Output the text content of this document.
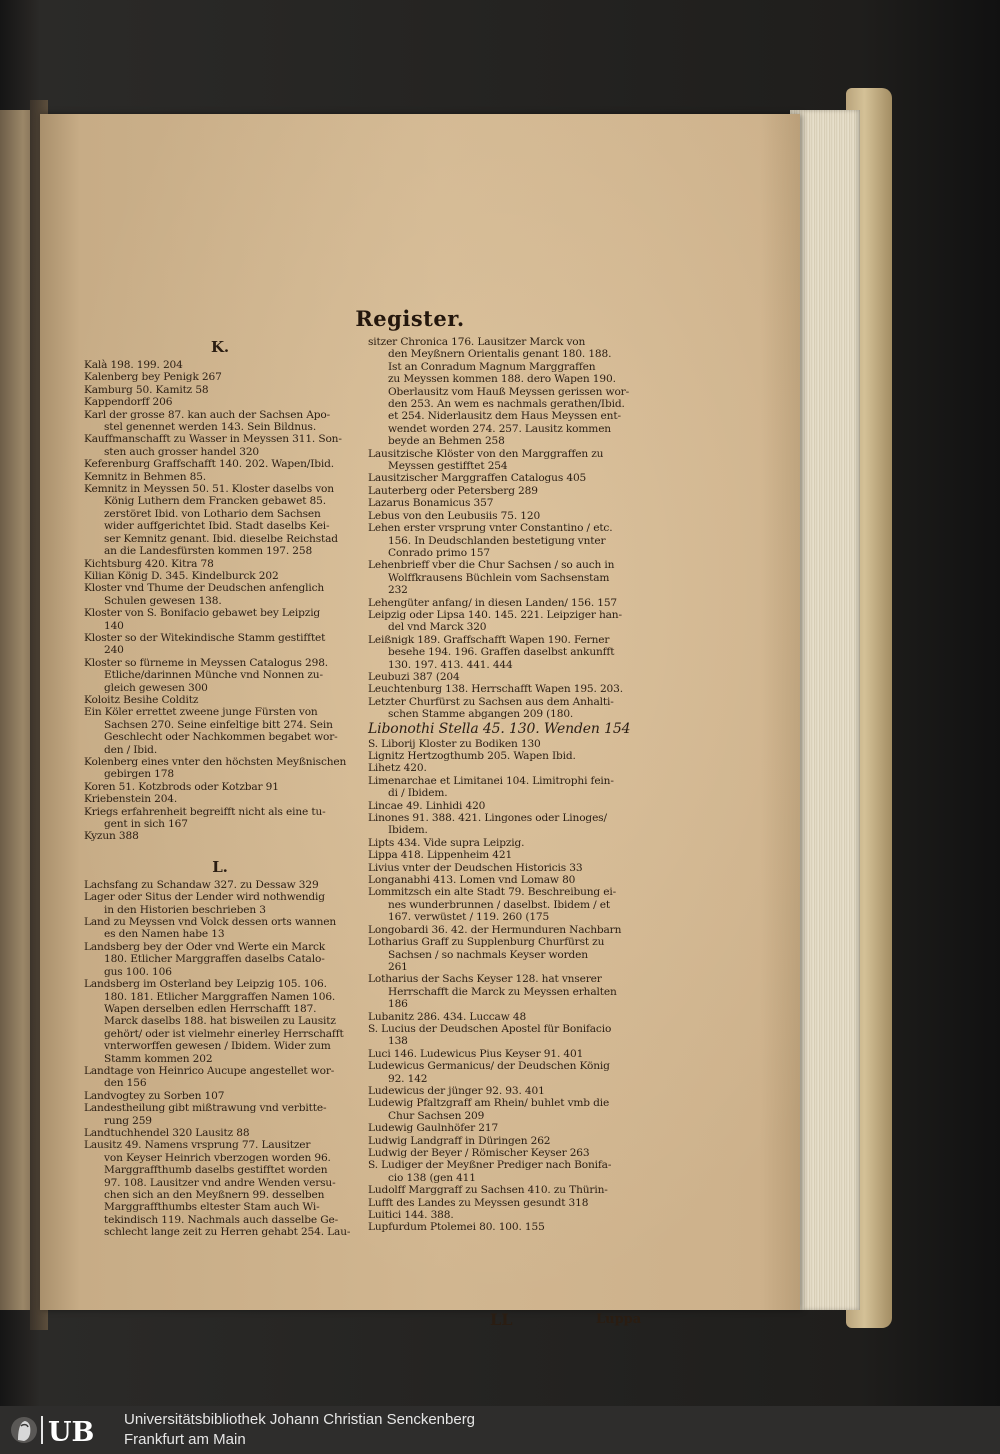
Register.
K.
Kalà 198. 199. 204
Kalenberg bey Penigk 267
Kamburg 50. Kamitz 58
Kappendorff 206
Karl der grosse 87. kan auch der Sachsen Apo-
stel genennet werden 143. Sein Bildnus.
Kauffmanschafft zu Wasser in Meyssen 311. Son-
sten auch grosser handel 320
Keferenburg Graffschafft 140. 202. Wapen/Ibid.
Kemnitz in Behmen 85.
Kemnitz in Meyssen 50. 51. Kloster daselbs von
König Luthern dem Francken gebawet 85.
zerstöret Ibid. von Lothario dem Sachsen
wider auffgerichtet Ibid. Stadt daselbs Kei-
ser Kemnitz genant. Ibid. dieselbe Reichstad
an die Landesfürsten kommen 197. 258
Kichtsburg 420. Kitra 78
Kilian König D. 345. Kindelburck 202
Kloster vnd Thume der Deudschen anfenglich
Schulen gewesen 138.
Kloster von S. Bonifacio gebawet bey Leipzig
140
Kloster so der Witekindische Stamm gestifftet
240
Kloster so fürneme in Meyssen Catalogus 298.
Etliche/darinnen Münche vnd Nonnen zu-
gleich gewesen 300
Koloitz Besihe Colditz
Ein Köler errettet zweene junge Fürsten von
Sachsen 270. Seine einfeltige bitt 274. Sein
Geschlecht oder Nachkommen begabet wor-
den / Ibid.
Kolenberg eines vnter den höchsten Meyßnischen
gebirgen 178
Koren 51. Kotzbrods oder Kotzbar 91
Kriebenstein 204.
Kriegs erfahrenheit begreifft nicht als eine tu-
gent in sich 167
Kyzun 388
L.
Lachsfang zu Schandaw 327. zu Dessaw 329
Lager oder Situs der Lender wird nothwendig
in den Historien beschrieben 3
Land zu Meyssen vnd Volck dessen orts wannen
es den Namen habe 13
Landsberg bey der Oder vnd Werte ein Marck
180. Etlicher Marggraffen daselbs Catalo-
gus 100. 106
Landsberg im Osterland bey Leipzig 105. 106.
180. 181. Etlicher Marggraffen Namen 106.
Wapen derselben edlen Herrschafft 187.
Marck daselbs 188. hat bisweilen zu Lausitz
gehört/ oder ist vielmehr einerley Herrschafft
vnterworffen gewesen / Ibidem. Wider zum
Stamm kommen 202
Landtage von Heinrico Aucupe angestellet wor-
den 156
Landvogtey zu Sorben 107
Landestheilung gibt mißtrawung vnd verbitte-
rung 259
Landtuchhendel 320 Lausitz 88
Lausitz 49. Namens vrsprung 77. Lausitzer
von Keyser Heinrich vberzogen worden 96.
Marggraffthumb daselbs gestifftet worden
97. 108. Lausitzer vnd andre Wenden versu-
chen sich an den Meyßnern 99. desselben
Marggraffthumbs eltester Stam auch Wi-
tekindisch 119. Nachmals auch dasselbe Ge-
schlecht lange zeit zu Herren gehabt 254. Lau-
sitzer Chronica 176. Lausitzer Marck von
den Meyßnern Orientalis genant 180. 188.
Ist an Conradum Magnum Marggraffen
zu Meyssen kommen 188. dero Wapen 190.
Oberlausitz vom Hauß Meyssen gerissen wor-
den 253. An wem es nachmals gerathen/Ibid.
et 254. Niderlausitz dem Haus Meyssen ent-
wendet worden 274. 257. Lausitz kommen
beyde an Behmen 258
Lausitzische Klöster von den Marggraffen zu
Meyssen gestifftet 254
Lausitzischer Marggraffen Catalogus 405
Lauterberg oder Petersberg 289
Lazarus Bonamicus 357
Lebus von den Leubusiis 75. 120
Lehen erster vrsprung vnter Constantino / etc.
156. In Deudschlanden bestetigung vnter
Conrado primo 157
Lehenbrieff vber die Chur Sachsen / so auch in
Wolffkrausens Büchlein vom Sachsenstam
232
Lehengüter anfang/ in diesen Landen/ 156. 157
Leipzig oder Lipsa 140. 145. 221. Leipziger han-
del vnd Marck 320
Leißnigk 189. Graffschafft Wapen 190. Ferner
besehe 194. 196. Graffen daselbst ankunfft
130. 197. 413. 441. 444
Leubuzi 387 (204
Leuchtenburg 138. Herrschafft Wapen 195. 203.
Letzter Churfürst zu Sachsen aus dem Anhalti-
schen Stamme abgangen 209 (180.
Libonothi Stella 45. 130. Wenden 154
S. Liborij Kloster zu Bodiken 130
Lignitz Hertzogthumb 205. Wapen Ibid.
Lihetz 420.
Limenarchae et Limitanei 104. Limitrophi fein-
di / Ibidem.
Lincae 49. Linhidi 420
Linones 91. 388. 421. Lingones oder Linoges/
Ibidem.
Lipts 434. Vide supra Leipzig.
Lippa 418. Lippenheim 421
Livius vnter der Deudschen Historicis 33
Longanabhi 413. Lomen vnd Lomaw 80
Lommitzsch ein alte Stadt 79. Beschreibung ei-
nes wunderbrunnen / daselbst. Ibidem / et
167. verwüstet / 119. 260 (175
Longobardi 36. 42. der Hermunduren Nachbarn
Lotharius Graff zu Supplenburg Churfürst zu
Sachsen / so nachmals Keyser worden
261
Lotharius der Sachs Keyser 128. hat vnserer
Herrschafft die Marck zu Meyssen erhalten
186
Lubanitz 286. 434. Luccaw 48
S. Lucius der Deudschen Apostel für Bonifacio
138
Luci 146. Ludewicus Pius Keyser 91. 401
Ludewicus Germanicus/ der Deudschen König
92. 142
Ludewicus der jünger 92. 93. 401
Ludewig Pfaltzgraff am Rhein/ buhlet vmb die
Chur Sachsen 209
Ludewig Gaulnhöfer 217
Ludwig Landgraff in Düringen 262
Ludwig der Beyer / Römischer Keyser 263
S. Ludiger der Meyßner Prediger nach Bonifa-
cio 138 (gen 411
Ludolff Marggraff zu Sachsen 410. zu Thürin-
Lufft des Landes zu Meyssen gesundt 318
Luitici 144. 388.
Lupfurdum Ptolemei 80. 100. 155
LL	Luppa
UB Universitätsbibliothek Johann Christian Senckenberg
Frankfurt am Main
